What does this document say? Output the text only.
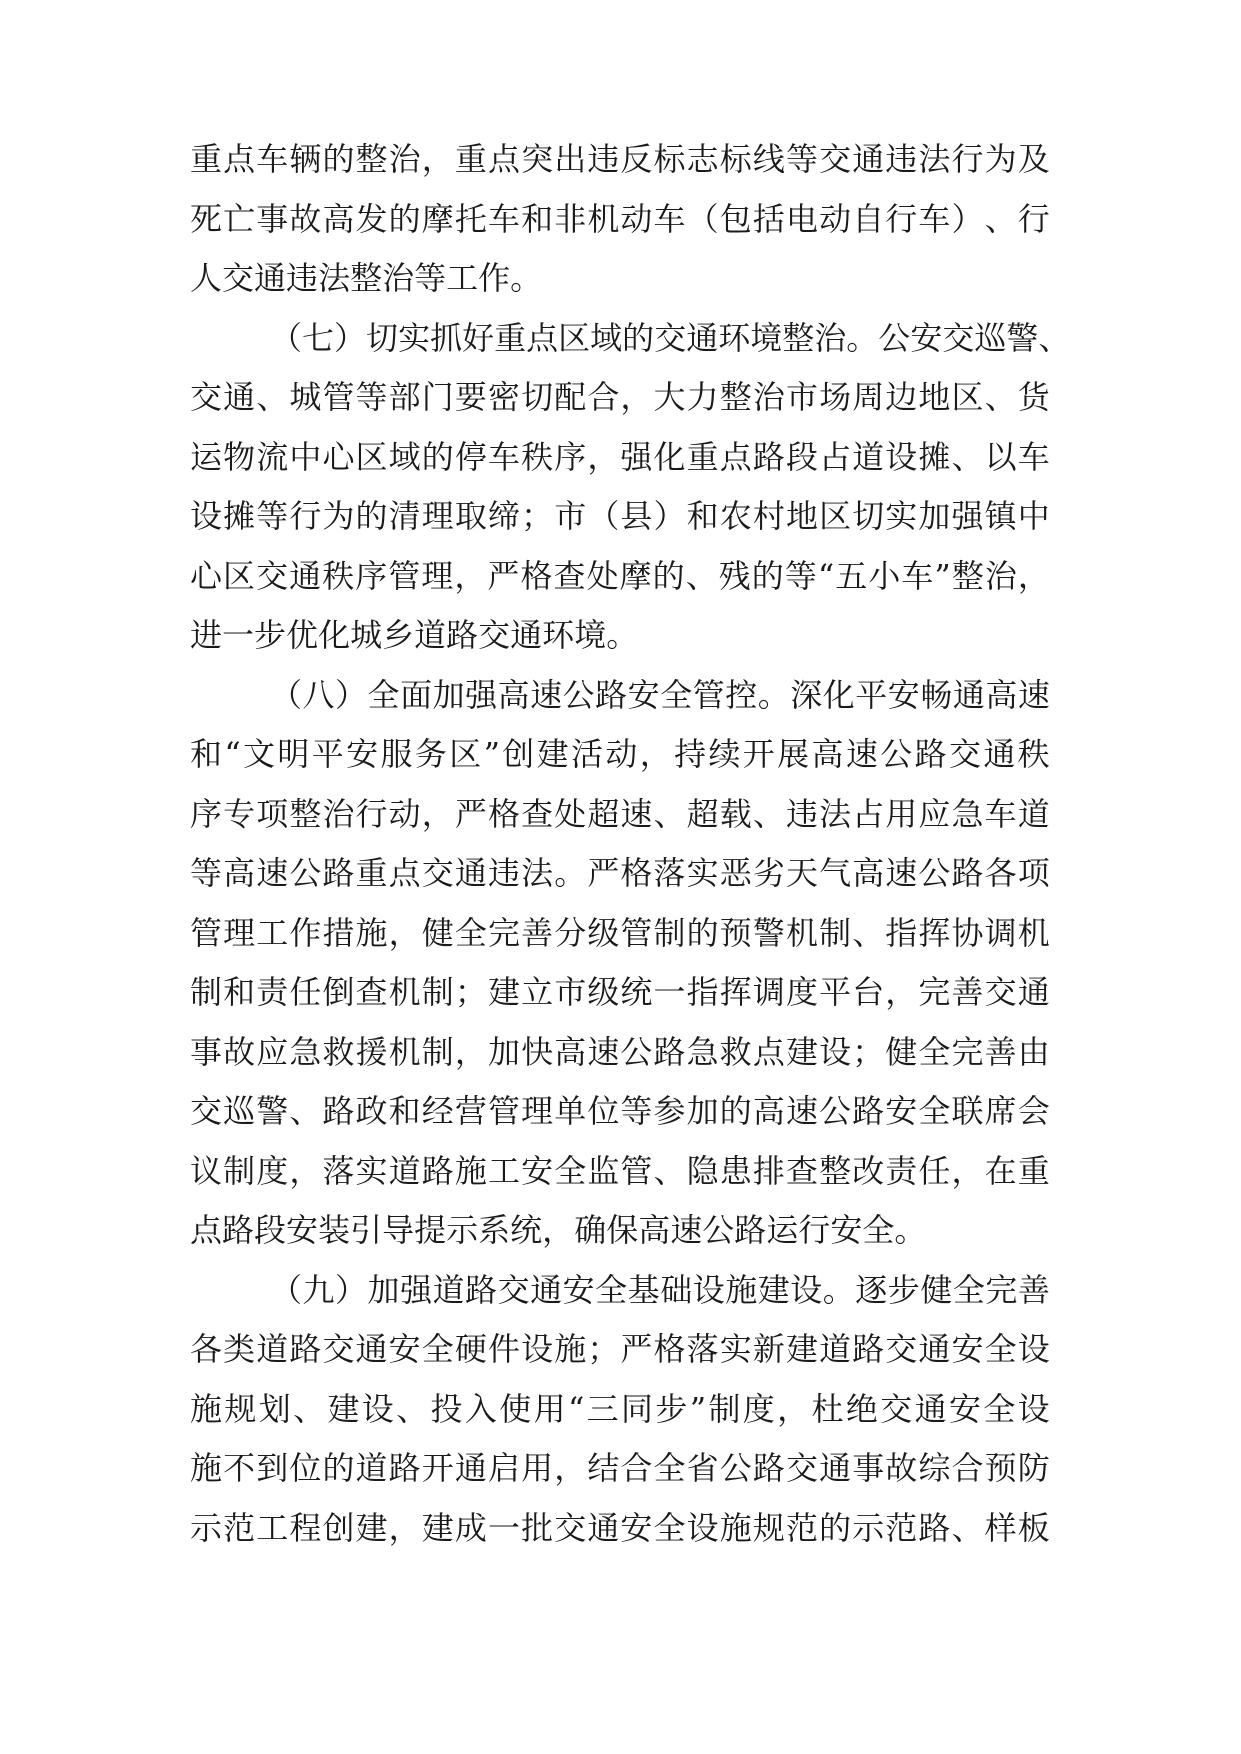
重 点 车 辆 的 整 治 ， 重 点 突 出 违 反 标 志 标 线 等 交 通 违 法 行 为 及
死 亡 事 故 高 发 的 摩 托 车 和 非 机 动 车 （ 包 括 电 动 自 行 车 ） 、 行
人 交 通 违 法 整 治 等 工 作 。
（ 七 ） 切 实 抓 好 重 点 区 域 的 交 通 环 境 整 治 。 公 安 交 巡 警 、
交 通 、 城 管 等 部 门 要 密 切 配 合 ， 大 力 整 治 市 场 周 边 地 区 、 货
运 物 流 中 心 区 域 的 停 车 秩 序 ， 强 化 重 点 路 段 占 道 设 摊 、 以 车
设 摊 等 行 为 的 清 理 取 缔 ； 市 （ 县 ） 和 农 村 地 区 切 实 加 强 镇 中
心 区 交 通 秩 序 管 理 ， 严 格 查 处 摩 的 、 残 的 等 “ 五 小 车 ” 整 治 ，
进 一 步 优 化 城 乡 道 路 交 通 环 境 。
（ 八 ） 全 面 加 强 高 速 公 路 安 全 管 控 。 深 化 平 安 畅 通 高 速
和 “ 文 明 平 安 服 务 区 ” 创 建 活 动 ， 持 续 开 展 高 速 公 路 交 通 秩
序 专 项 整 治 行 动 ， 严 格 查 处 超 速 、 超 载 、 违 法 占 用 应 急 车 道
等 高 速 公 路 重 点 交 通 违 法 。 严 格 落 实 恶 劣 天 气 高 速 公 路 各 项
管 理 工 作 措 施 ， 健 全 完 善 分 级 管 制 的 预 警 机 制 、 指 挥 协 调 机
制 和 责 任 倒 查 机 制 ； 建 立 市 级 统 一 指 挥 调 度 平 台 ， 完 善 交 通
事 故 应 急 救 援 机 制 ， 加 快 高 速 公 路 急 救 点 建 设 ； 健 全 完 善 由
交 巡 警 、 路 政 和 经 营 管 理 单 位 等 参 加 的 高 速 公 路 安 全 联 席 会
议 制 度 ， 落 实 道 路 施 工 安 全 监 管 、 隐 患 排 查 整 改 责 任 ， 在 重
点 路 段 安 装 引 导 提 示 系 统 ， 确 保 高 速 公 路 运 行 安 全 。
（ 九 ） 加 强 道 路 交 通 安 全 基 础 设 施 建 设 。 逐 步 健 全 完 善
各 类 道 路 交 通 安 全 硬 件 设 施 ； 严 格 落 实 新 建 道 路 交 通 安 全 设
施 规 划 、 建 设 、 投 入 使 用 “ 三 同 步 ” 制 度 ， 杜 绝 交 通 安 全 设
施 不 到 位 的 道 路 开 通 启 用 ， 结 合 全 省 公 路 交 通 事 故 综 合 预 防
示 范 工 程 创 建 ， 建 成 一 批 交 通 安 全 设 施 规 范 的 示 范 路 、 样 板
